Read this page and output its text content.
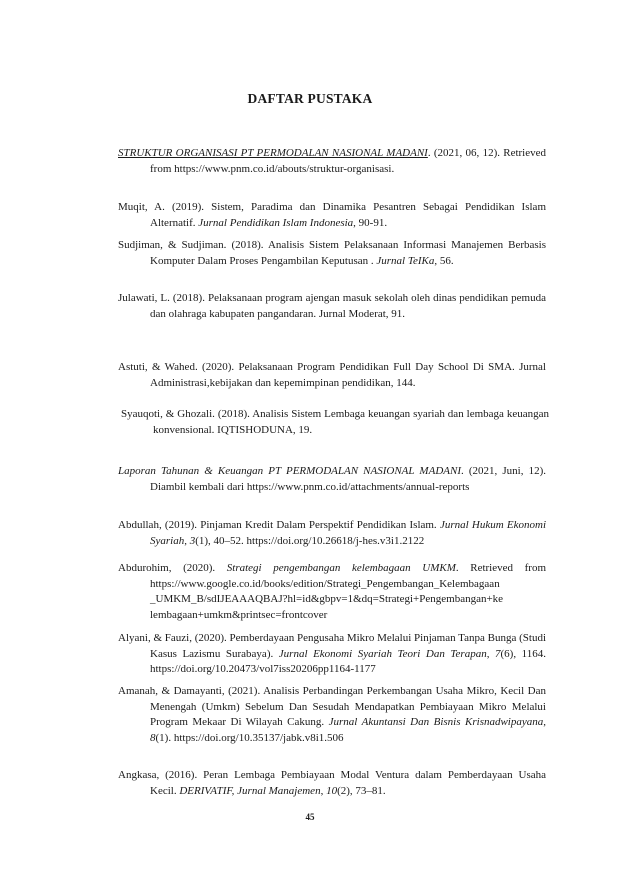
DAFTAR PUSTAKA
STRUKTUR ORGANISASI PT PERMODALAN NASIONAL MADANI. (2021, 06, 12). Retrieved from https://www.pnm.co.id/abouts/struktur-organisasi.
Muqit, A. (2019). Sistem, Paradima dan Dinamika Pesantren Sebagai Pendidikan Islam Alternatif. Jurnal Pendidikan Islam Indonesia, 90-91.
Sudjiman, & Sudjiman. (2018). Analisis Sistem Pelaksanaan Informasi Manajemen Berbasis Komputer Dalam Proses Pengambilan Keputusan . Jurnal TeIKa, 56.
Julawati, L. (2018). Pelaksanaan program ajengan masuk sekolah oleh dinas pendidikan pemuda dan olahraga kabupaten pangandaran. Jurnal Moderat, 91.
Astuti, & Wahed. (2020). Pelaksanaan Program Pendidikan Full Day School Di SMA. Jurnal Administrasi,kebijakan dan kepemimpinan pendidikan, 144.
Syauqoti, & Ghozali. (2018). Analisis Sistem Lembaga keuangan syariah dan lembaga keuangan konvensional. IQTISHODUNA, 19.
Laporan Tahunan & Keuangan PT PERMODALAN NASIONAL MADANI. (2021, Juni, 12). Diambil kembali dari https://www.pnm.co.id/attachments/annual-reports
Abdullah, (2019). Pinjaman Kredit Dalam Perspektif Pendidikan Islam. Jurnal Hukum Ekonomi Syariah, 3(1), 40–52. https://doi.org/10.26618/j-hes.v3i1.2122
Abdurohim, (2020). Strategi pengembangan kelembagaan UMKM. Retrieved from https://www.google.co.id/books/edition/Strategi_Pengembangan_Kelembagaan _UMKM_B/sdIJEAAAQBAJ?hl=id&gbpv=1&dq=Strategi+Pengembangan+ke lembagaan+umkm&printsec=frontcover
Alyani, & Fauzi, (2020). Pemberdayaan Pengusaha Mikro Melalui Pinjaman Tanpa Bunga (Studi Kasus Lazismu Surabaya). Jurnal Ekonomi Syariah Teori Dan Terapan, 7(6), 1164. https://doi.org/10.20473/vol7iss20206pp1164-1177
Amanah, & Damayanti, (2021). Analisis Perbandingan Perkembangan Usaha Mikro, Kecil Dan Menengah (Umkm) Sebelum Dan Sesudah Mendapatkan Pembiayaan Mikro Melalui Program Mekaar Di Wilayah Cakung. Jurnal Akuntansi Dan Bisnis Krisnadwipayana, 8(1). https://doi.org/10.35137/jabk.v8i1.506
Angkasa, (2016). Peran Lembaga Pembiayaan Modal Ventura dalam Pemberdayaan Usaha Kecil. DERIVATIF, Jurnal Manajemen, 10(2), 73–81.
45
